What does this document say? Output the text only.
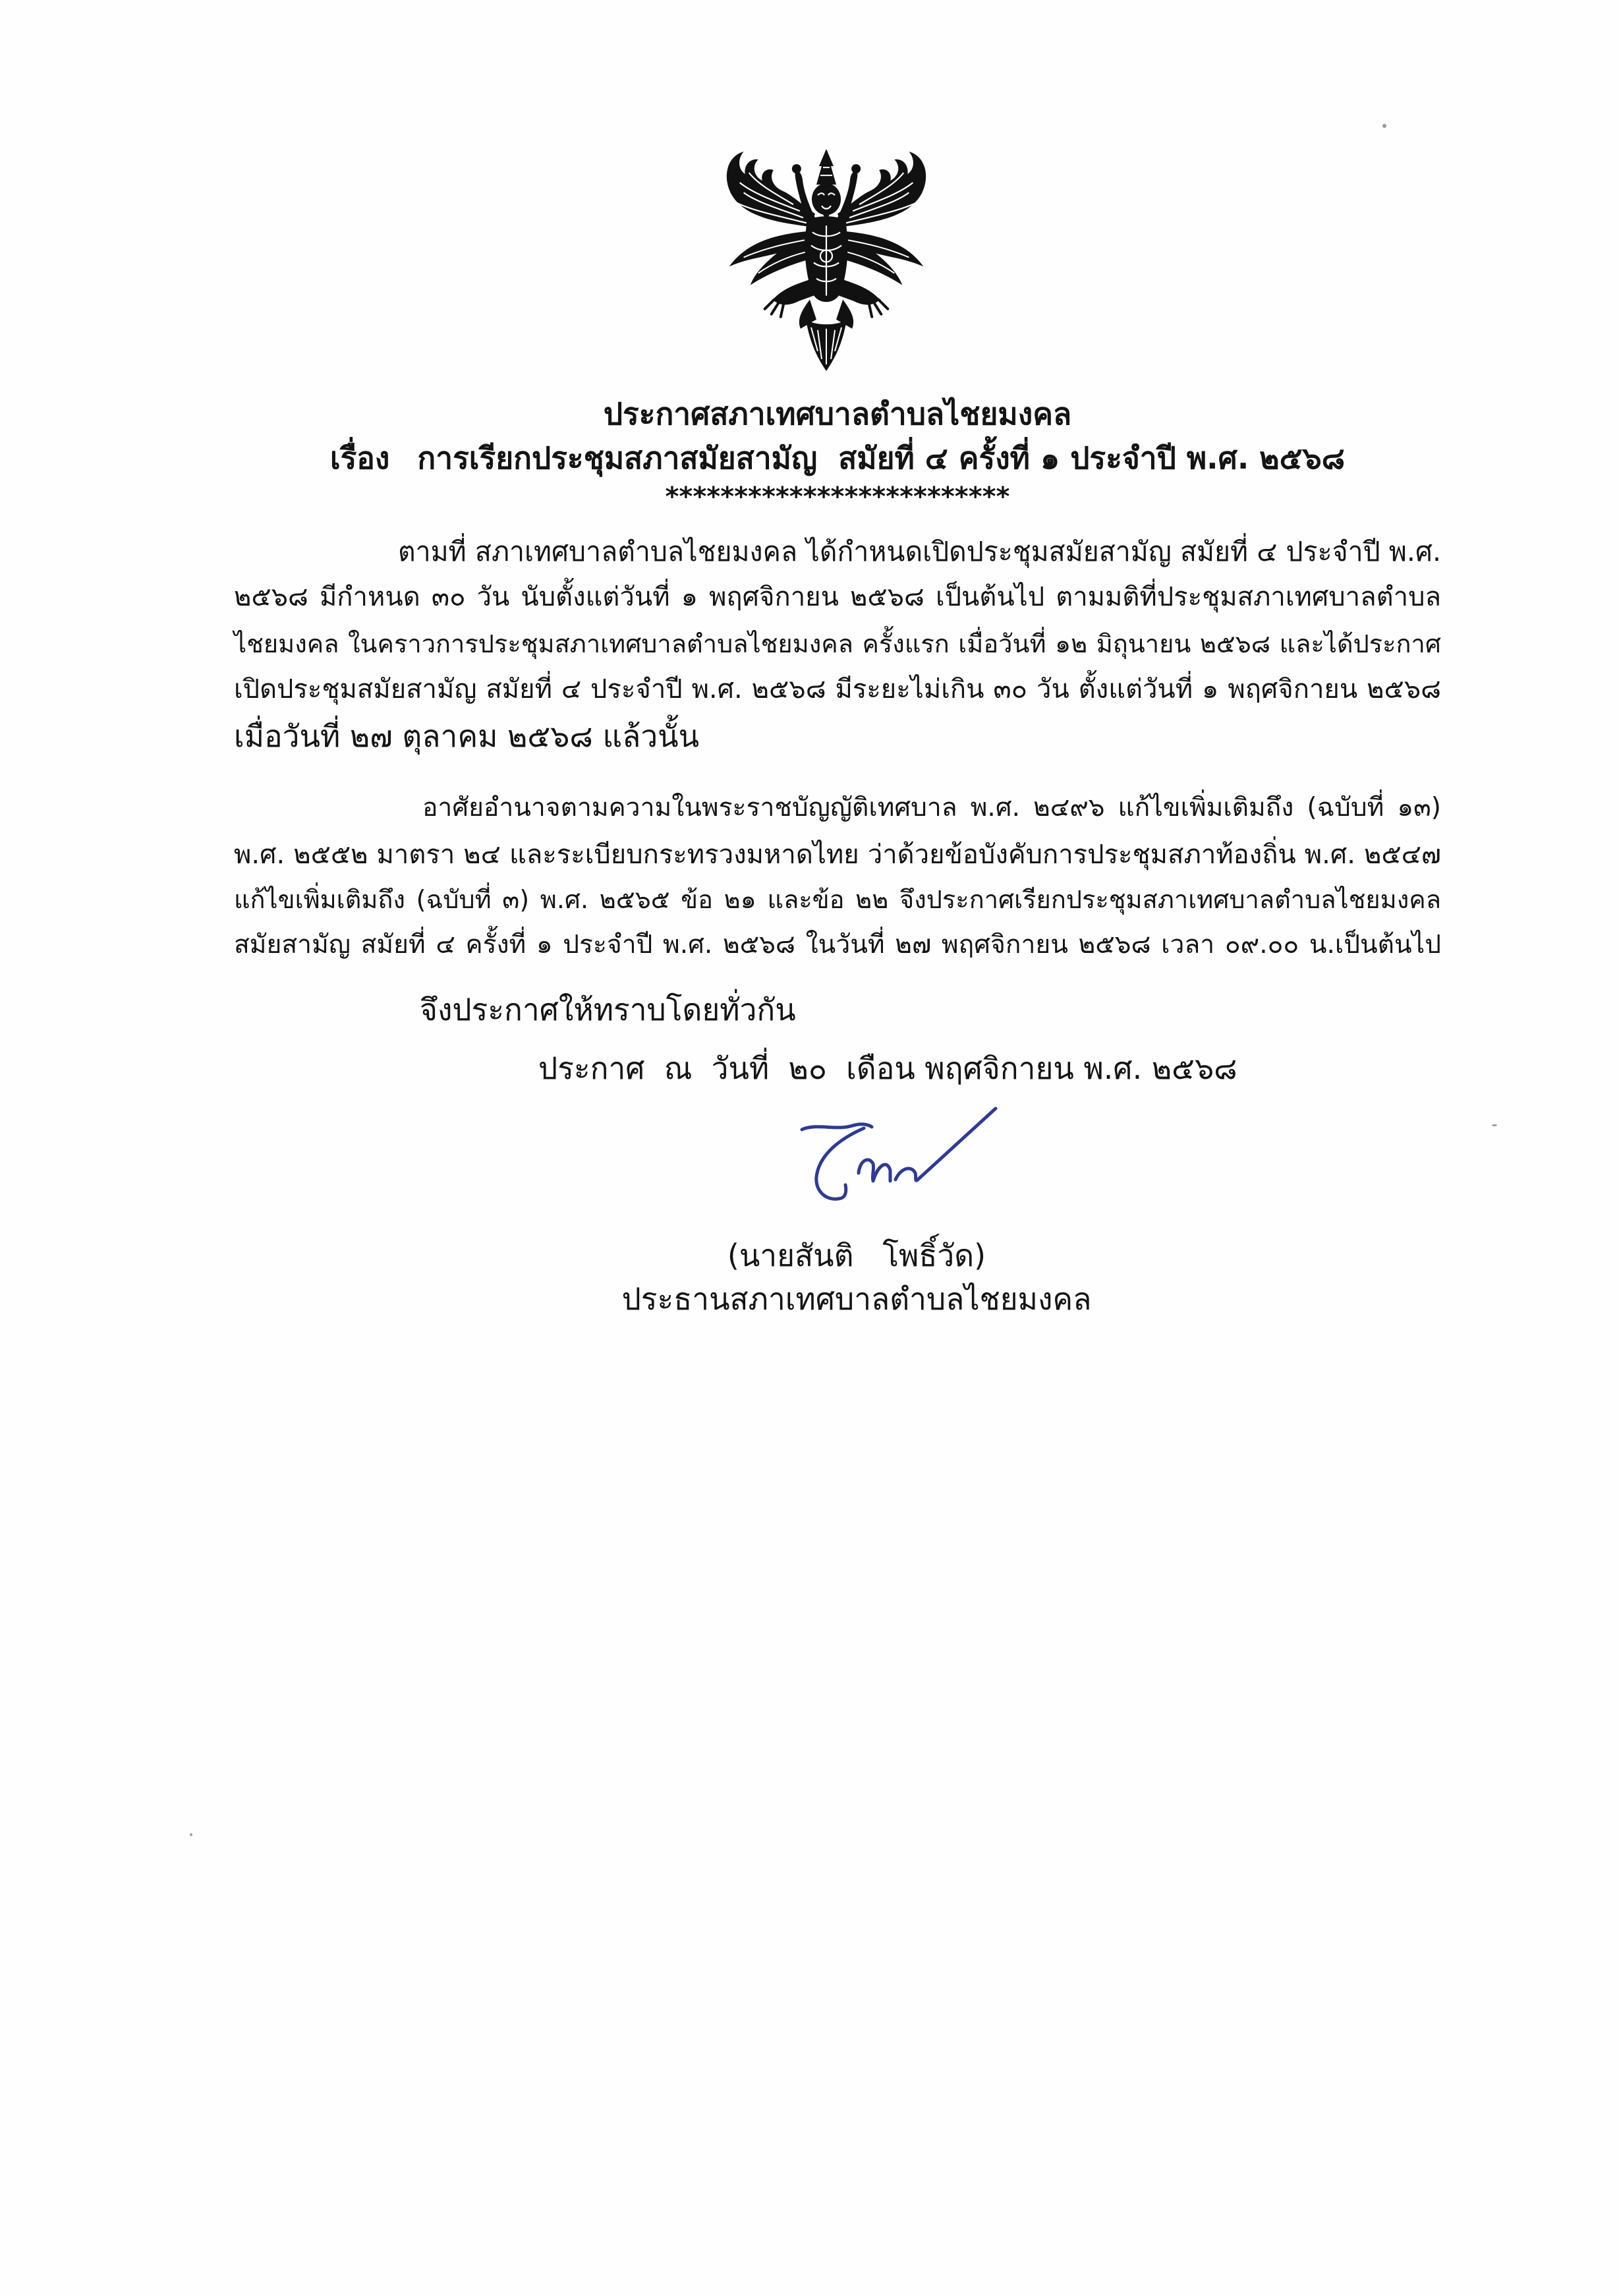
ประกาศสภาเทศบาลตำบลไชยมงคล
เรื่อง การเรียกประชุมสภาสมัยสามัญ  สมัยที่ ๔ ครั้งที่ ๑ ประจำปี พ.ศ. ๒๕๖๘
*************************
ตามที่ สภาเทศบาลตำบลไชยมงคล ได้กำหนดเปิดประชุมสมัยสามัญ สมัยที่ ๔ ประจำปี พ.ศ.
๒๕๖๘ มีกำหนด ๓๐ วัน นับตั้งแต่วันที่ ๑ พฤศจิกายน ๒๕๖๘ เป็นต้นไป ตามมติที่ประชุมสภาเทศบาลตำบล
ไชยมงคล ในคราวการประชุมสภาเทศบาลตำบลไชยมงคล ครั้งแรก เมื่อวันที่ ๑๒ มิถุนายน ๒๕๖๘ และได้ประกาศ
เปิดประชุมสมัยสามัญ สมัยที่ ๔ ประจำปี พ.ศ. ๒๕๖๘ มีระยะไม่เกิน ๓๐ วัน ตั้งแต่วันที่ ๑ พฤศจิกายน ๒๕๖๘
เมื่อวันที่ ๒๗ ตุลาคม ๒๕๖๘ แล้วนั้น
อาศัยอำนาจตามความในพระราชบัญญัติเทศบาล พ.ศ. ๒๔๙๖ แก้ไขเพิ่มเติมถึง (ฉบับที่ ๑๓)
พ.ศ. ๒๕๕๒ มาตรา ๒๔ และระเบียบกระทรวงมหาดไทย ว่าด้วยข้อบังคับการประชุมสภาท้องถิ่น พ.ศ. ๒๕๔๗
แก้ไขเพิ่มเติมถึง (ฉบับที่ ๓) พ.ศ. ๒๕๖๕ ข้อ ๒๑ และข้อ ๒๒ จึงประกาศเรียกประชุมสภาเทศบาลตำบลไชยมงคล
สมัยสามัญ สมัยที่ ๔ ครั้งที่ ๑ ประจำปี พ.ศ. ๒๕๖๘ ในวันที่ ๒๗ พฤศจิกายน ๒๕๖๘ เวลา ๐๙.๐๐ น.เป็นต้นไป
จึงประกาศให้ทราบโดยทั่วกัน
ประกาศ  ณ  วันที่  ๒๐  เดือน พฤศจิกายน พ.ศ. ๒๕๖๘
(นายสันติ   โพธิ์วัด)
ประธานสภาเทศบาลตำบลไชยมงคล
